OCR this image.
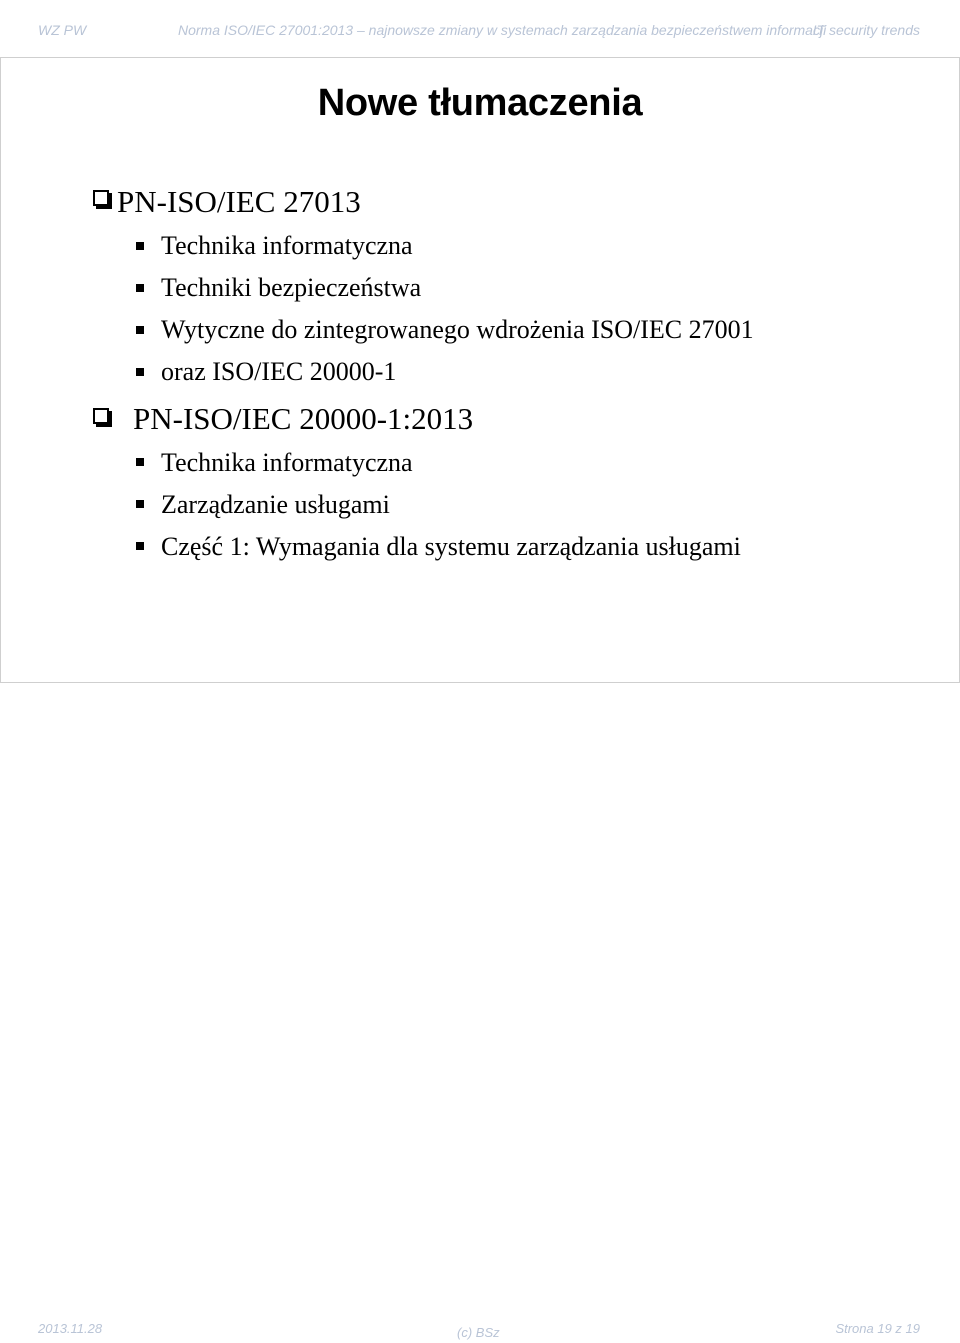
WZ PW	Norma ISO/IEC 27001:2013 – najnowsze zmiany w systemach zarządzania bezpieczeństwem informacji
IT security trends
Nowe tłumaczenia
PN-ISO/IEC 27013
Technika informatyczna
Techniki bezpieczeństwa
Wytyczne do zintegrowanego wdrożenia ISO/IEC 27001
oraz ISO/IEC 20000-1
PN-ISO/IEC 20000-1:2013
Technika informatyczna
Zarządzanie usługami
Część 1: Wymagania dla systemu zarządzania usługami
2013.11.28	(c) BSz	Strona 19 z 19
